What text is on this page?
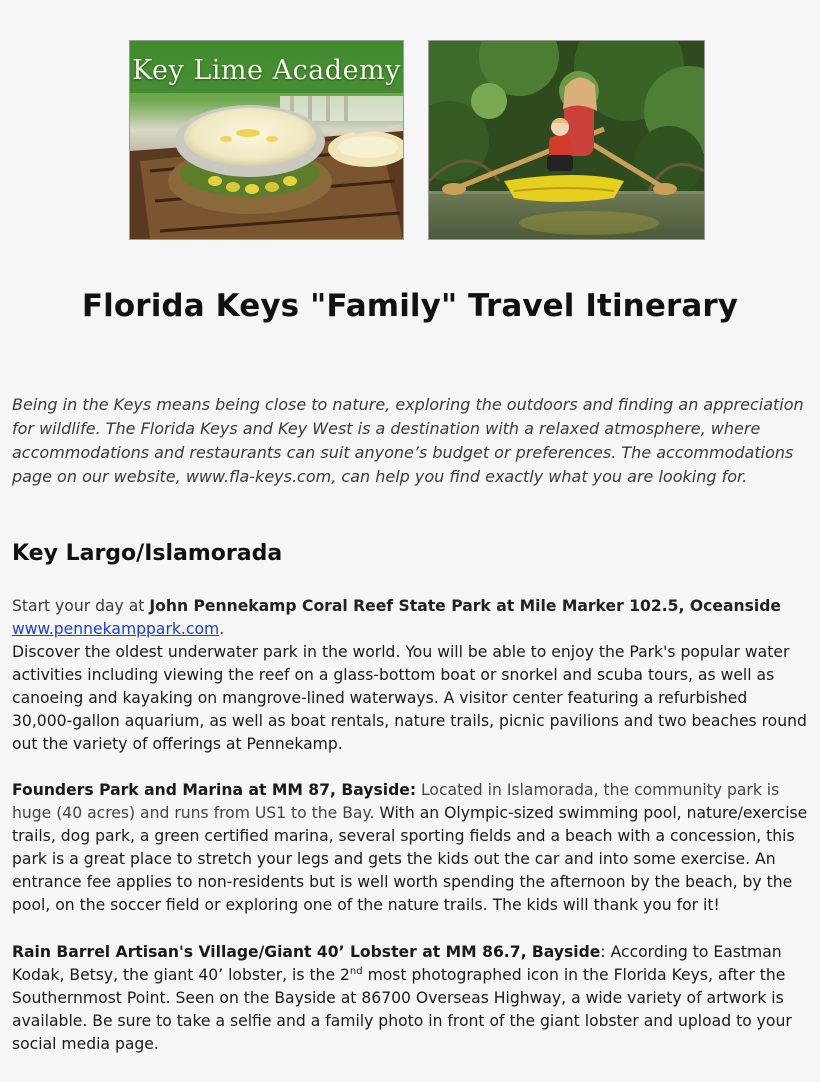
Key Lime Academy
Florida Keys "Family" Travel Itinerary

Being in the Keys means being close to nature, exploring the outdoors and finding an appreciation for wildlife. The Florida Keys and Key West is a destination with a relaxed atmosphere, where accommodations and restaurants can suit anyone’s budget or preferences. The accommodations page on our website, www.fla-keys.com, can help you find exactly what you are looking for.

Key Largo/Islamorada

Start your day at John Pennekamp Coral Reef State Park at Mile Marker 102.5, Oceanside
www.pennekamppark.com.
Discover the oldest underwater park in the world. You will be able to enjoy the Park's popular water activities including viewing the reef on a glass-bottom boat or snorkel and scuba tours, as well as canoeing and kayaking on mangrove-lined waterways. A visitor center featuring a refurbished 30,000-gallon aquarium, as well as boat rentals, nature trails, picnic pavilions and two beaches round out the variety of offerings at Pennekamp.

Founders Park and Marina at MM 87, Bayside: Located in Islamorada, the community park is huge (40 acres) and runs from US1 to the Bay. With an Olympic-sized swimming pool, nature/exercise trails, dog park, a green certified marina, several sporting fields and a beach with a concession, this park is a great place to stretch your legs and gets the kids out the car and into some exercise. An entrance fee applies to non-residents but is well worth spending the afternoon by the beach, by the pool, on the soccer field or exploring one of the nature trails. The kids will thank you for it!

Rain Barrel Artisan's Village/Giant 40’ Lobster at MM 86.7, Bayside: According to Eastman Kodak, Betsy, the giant 40’ lobster, is the 2nd most photographed icon in the Florida Keys, after the Southernmost Point. Seen on the Bayside at 86700 Overseas Highway, a wide variety of artwork is available. Be sure to take a selfie and a family photo in front of the giant lobster and upload to your social media page.
